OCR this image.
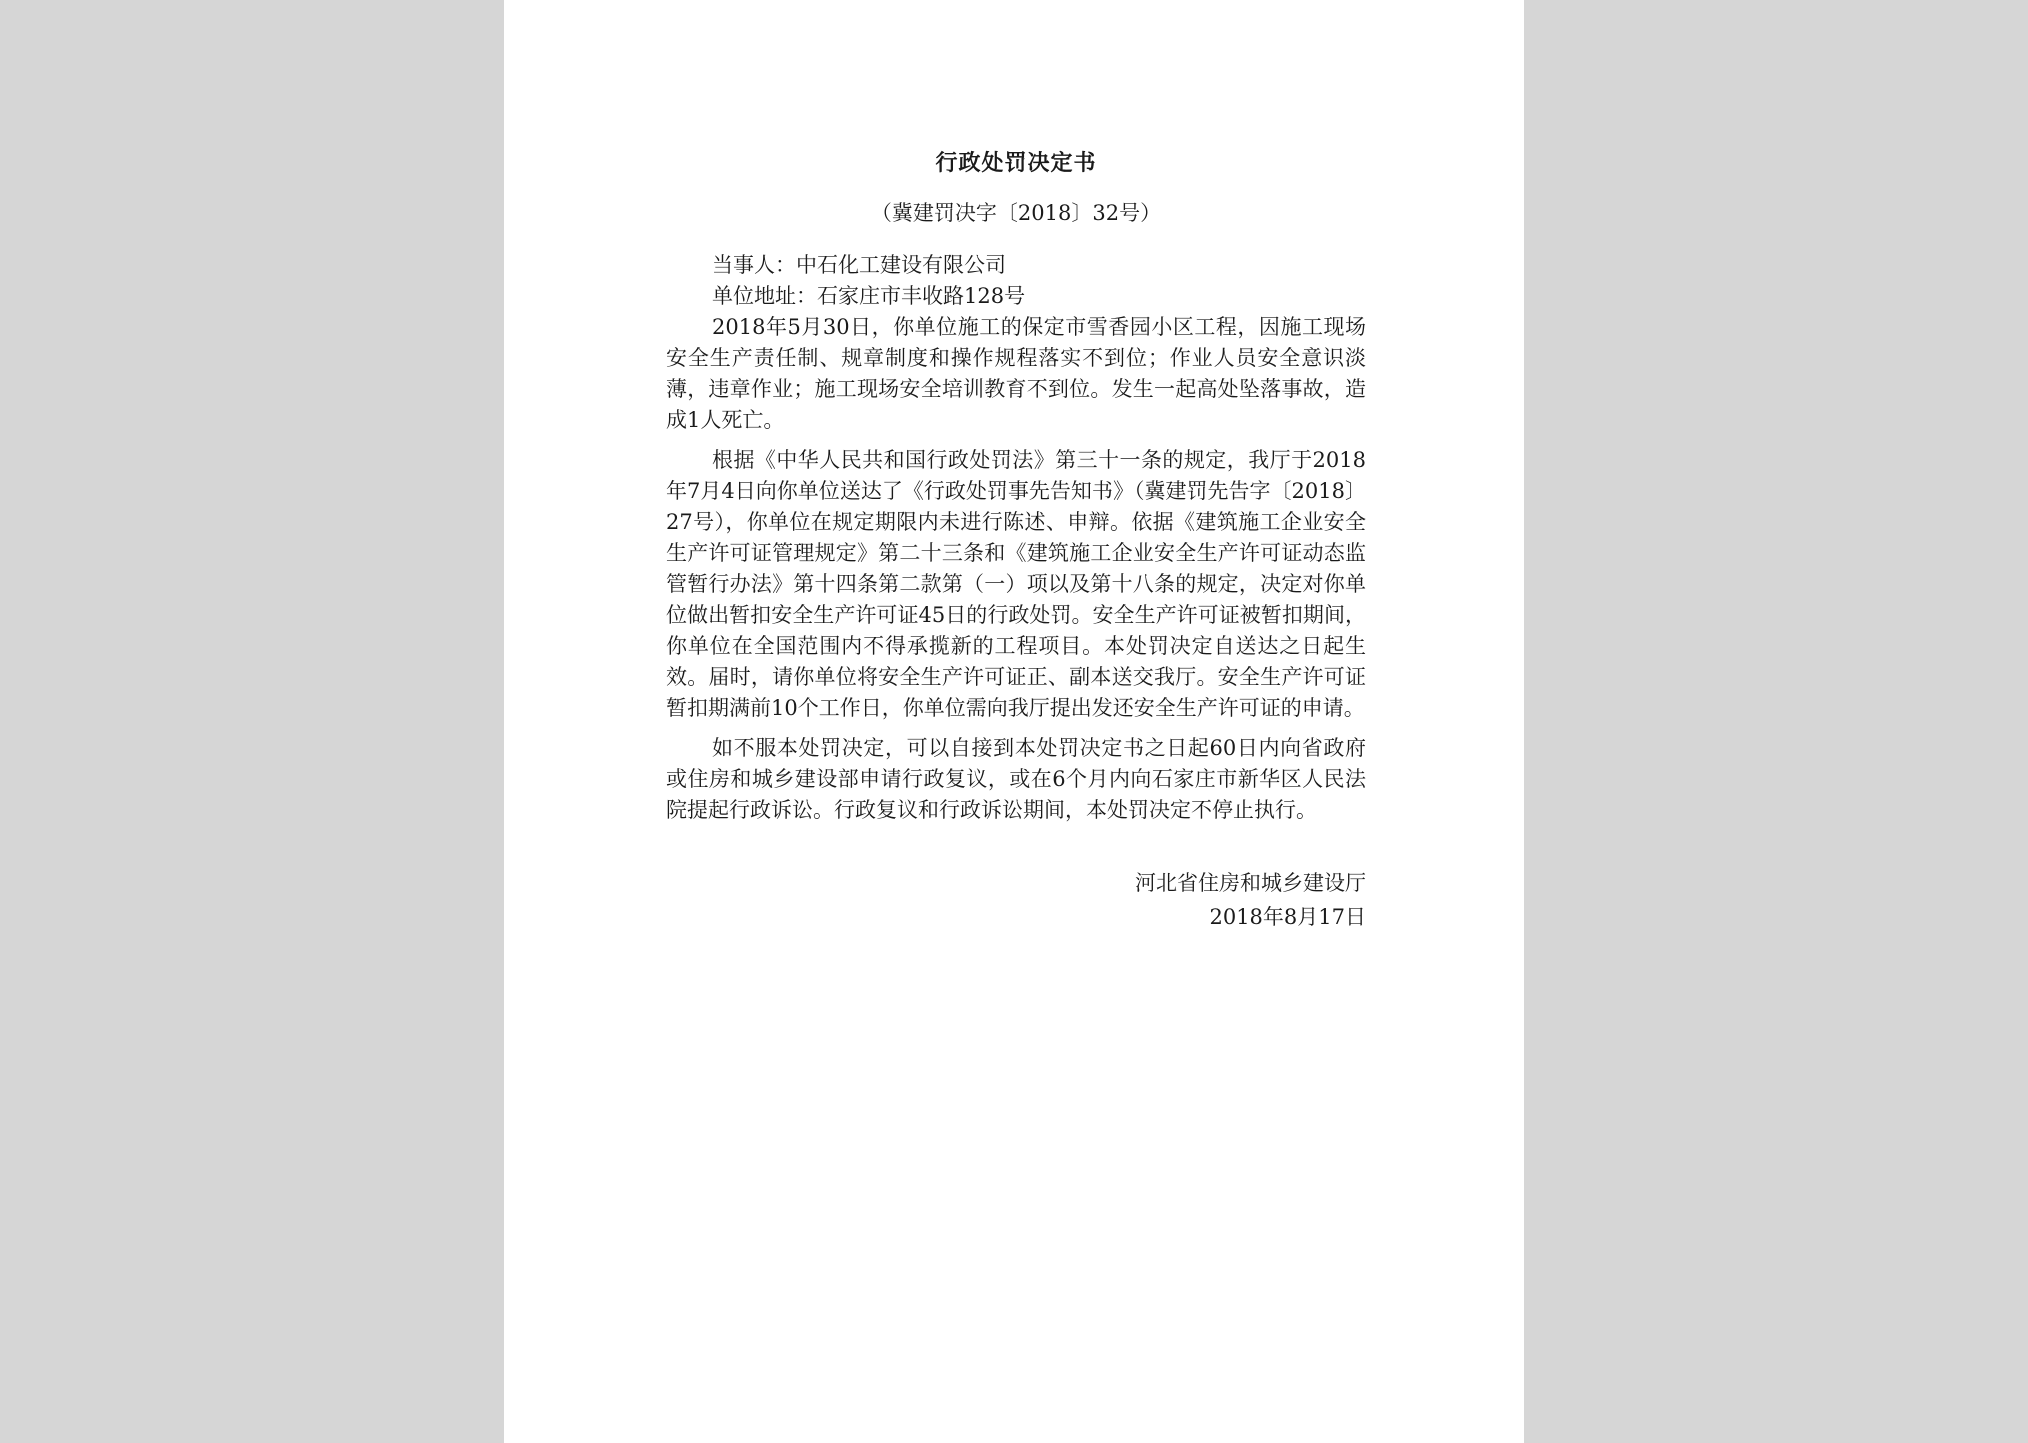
行政处罚决定书
（冀建罚决字〔2018〕32号）

当事人：中石化工建设有限公司

单位地址：石家庄市丰收路128号

2018年5月30日，你单位施工的保定市雪香园小区工程，因施工现场安全生产责任制、规章制度和操作规程落实不到位；作业人员安全意识淡薄，违章作业；施工现场安全培训教育不到位。发生一起高处坠落事故，造成1人死亡。

根据《中华人民共和国行政处罚法》第三十一条的规定，我厅于2018年7月4日向你单位送达了《行政处罚事先告知书》（冀建罚先告字〔2018〕27号），你单位在规定期限内未进行陈述、申辩。依据《建筑施工企业安全生产许可证管理规定》第二十三条和《建筑施工企业安全生产许可证动态监管暂行办法》第十四条第二款第（一）项以及第十八条的规定，决定对你单位做出暂扣安全生产许可证45日的行政处罚。安全生产许可证被暂扣期间，你单位在全国范围内不得承揽新的工程项目。本处罚决定自送达之日起生效。届时，请你单位将安全生产许可证正、副本送交我厅。安全生产许可证暂扣期满前10个工作日，你单位需向我厅提出发还安全生产许可证的申请。

如不服本处罚决定，可以自接到本处罚决定书之日起60日内向省政府或住房和城乡建设部申请行政复议，或在6个月内向石家庄市新华区人民法院提起行政诉讼。行政复议和行政诉讼期间，本处罚决定不停止执行。

河北省住房和城乡建设厅
2018年8月17日
